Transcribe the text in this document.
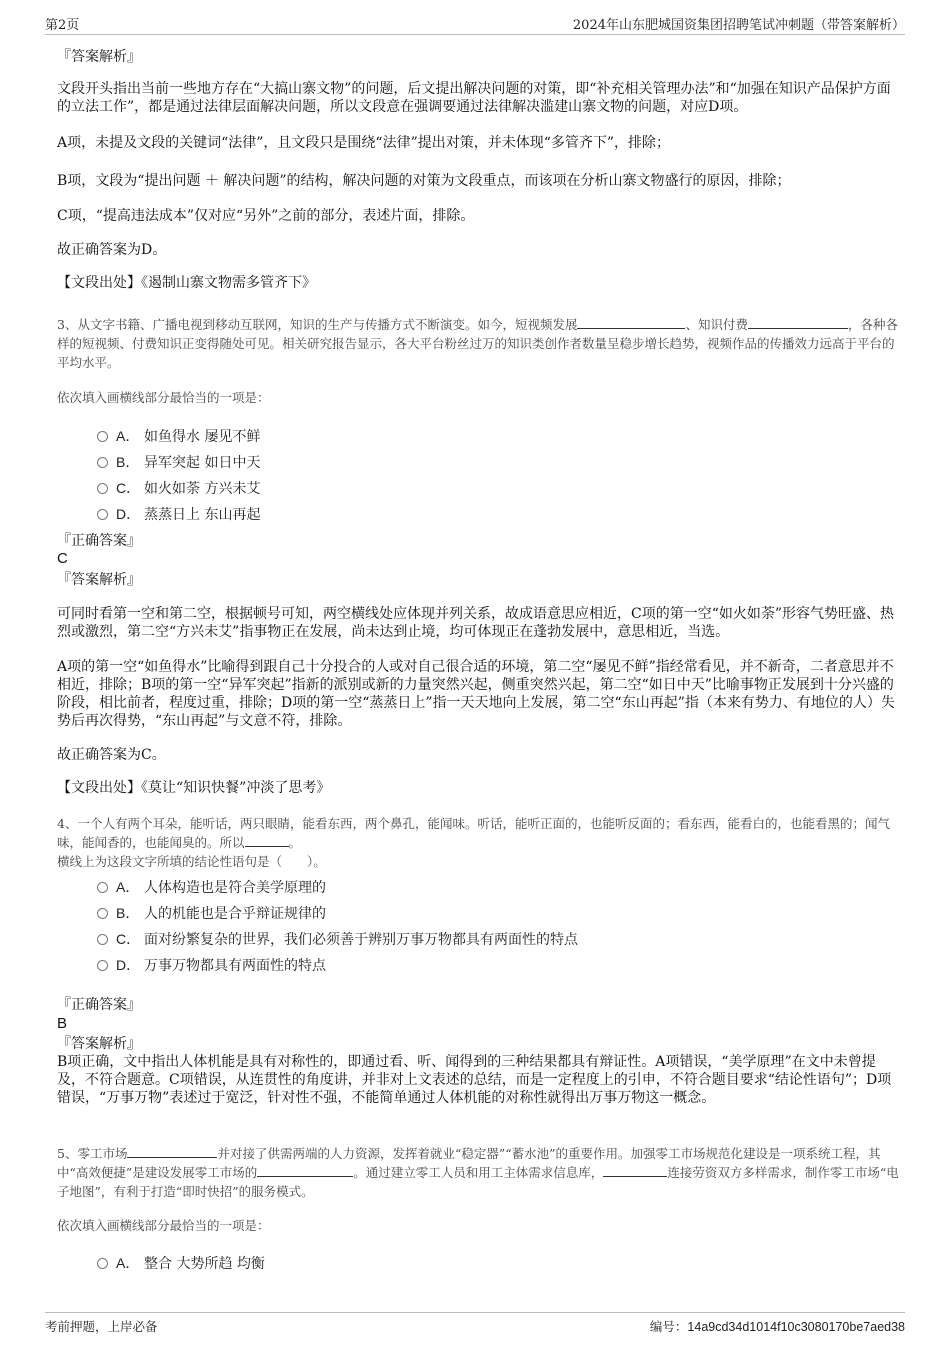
第2页	2024年山东肥城国资集团招聘笔试冲刺题（带答案解析）
『答案解析』
文段开头指出当前一些地方存在“大搞山寨文物”的问题，后文提出解决问题的对策，即“补充相关管理办法”和“加强在知识产品保护方面的立法工作”，都是通过法律层面解决问题，所以文段意在强调要通过法律解决滥建山寨文物的问题，对应D项。
A项，未提及文段的关键词“法律”，且文段只是围绕“法律”提出对策，并未体现“多管齐下”，排除；
B项，文段为“提出问题 ＋ 解决问题”的结构，解决问题的对策为文段重点，而该项在分析山寨文物盛行的原因，排除；
C项，“提高违法成本”仅对应“另外”之前的部分，表述片面，排除。
故正确答案为D。
【文段出处】《遏制山寨文物需多管齐下》
3、从文字书籍、广播电视到移动互联网，知识的生产与传播方式不断演变。如今，短视频发展	、知识付费	，各种各样的短视频、付费知识正变得随处可见。相关研究报告显示，各大平台粉丝过万的知识类创作者数量呈稳步增长趋势，视频作品的传播效力远高于平台的平均水平。
依次填入画横线部分最恰当的一项是：
A． 如鱼得水 屡见不鲜
B． 异军突起 如日中天
C． 如火如荼 方兴未艾
D． 蒸蒸日上 东山再起
『正确答案』
C
『答案解析』
可同时看第一空和第二空，根据顿号可知，两空横线处应体现并列关系，故成语意思应相近，C项的第一空“如火如荼”形容气势旺盛、热烈或激烈，第二空“方兴未艾”指事物正在发展，尚未达到止境，均可体现正在蓬勃发展中，意思相近，当选。
A项的第一空“如鱼得水”比喻得到跟自己十分投合的人或对自己很合适的环境，第二空“屡见不鲜”指经常看见，并不新奇，二者意思并不相近，排除；B项的第一空“异军突起”指新的派别或新的力量突然兴起，侧重突然兴起，第二空“如日中天”比喻事物正发展到十分兴盛的阶段，相比前者，程度过重，排除；D项的第一空“蒸蒸日上”指一天天地向上发展，第二空“东山再起”指（本来有势力、有地位的人）失势后再次得势，“东山再起”与文意不符，排除。
故正确答案为C。
【文段出处】《莫让“知识快餐”冲淡了思考》
4、一个人有两个耳朵，能听话，两只眼睛，能看东西，两个鼻孔，能闻味。听话，能听正面的，也能听反面的；看东西，能看白的，也能看黑的；闻气味，能闻香的，也能闻臭的。所以	。
横线上为这段文字所填的结论性语句是（　　）。
A． 人体构造也是符合美学原理的
B． 人的机能也是合乎辩证规律的
C． 面对纷繁复杂的世界，我们必须善于辨别万事万物都具有两面性的特点
D． 万事万物都具有两面性的特点
『正确答案』
B
『答案解析』
B项正确，文中指出人体机能是具有对称性的，即通过看、听、闻得到的三种结果都具有辩证性。A项错误，“美学原理”在文中未曾提及，不符合题意。C项错误，从连贯性的角度讲，并非对上文表述的总结，而是一定程度上的引申，不符合题目要求“结论性语句”；D项错误，“万事万物”表述过于宽泛，针对性不强，不能简单通过人体机能的对称性就得出万事万物这一概念。
5、零工市场	并对接了供需两端的人力资源，发挥着就业“稳定器”“蓄水池”的重要作用。加强零工市场规范化建设是一项系统工程，其中“高效便捷”是建设发展零工市场的	。通过建立零工人员和用工主体需求信息库，	连接劳资双方多样需求，制作零工市场“电子地图”，有利于打造“即时快招”的服务模式。
依次填入画横线部分最恰当的一项是：
A． 整合 大势所趋 均衡
考前押题，上岸必备	编号：14a9cd34d1014f10c3080170be7aed38
